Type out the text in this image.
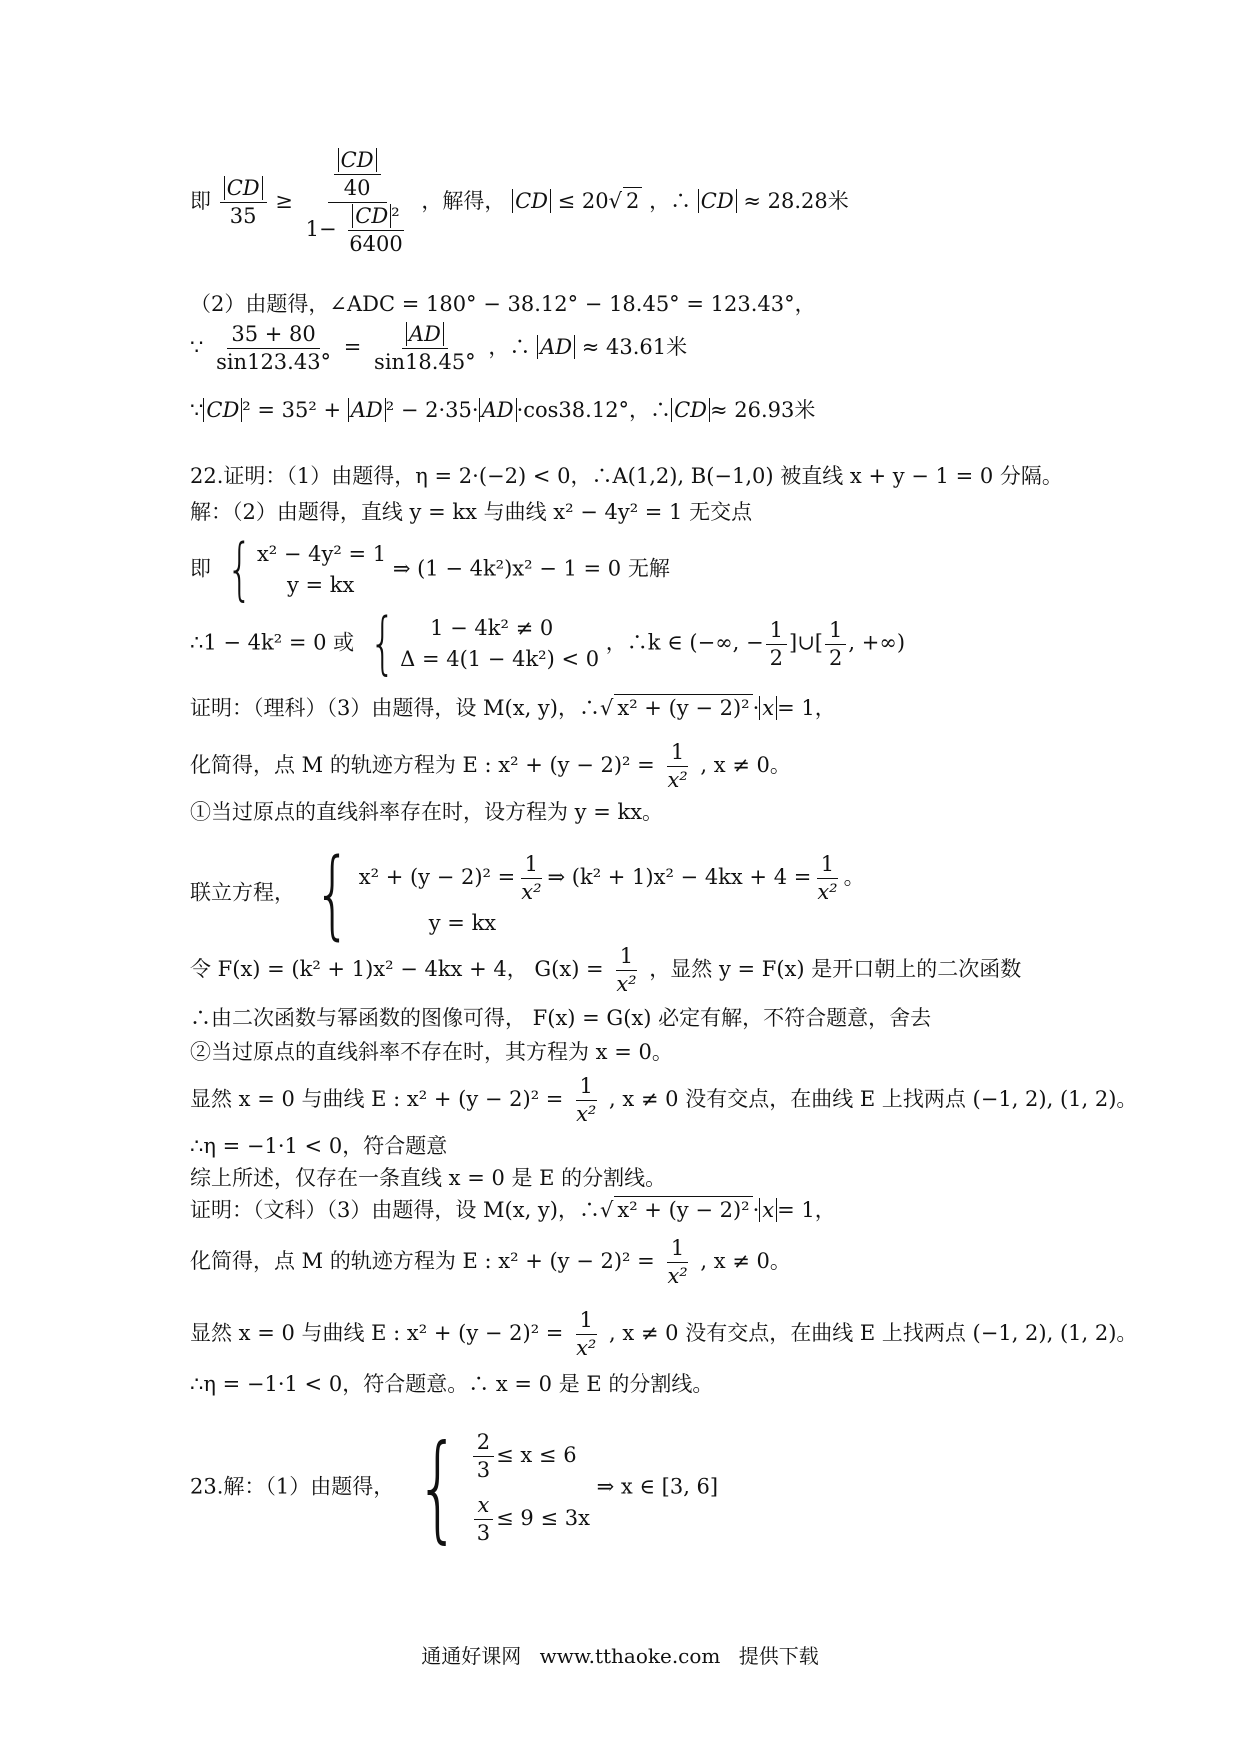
即 $\frac{CD}{35} \ge \frac{\frac{CD}{40}}{1- \frac{\text{CD ²}}{6400}}$ ，解得， CD ≤ 20√ 2 ，∴ CD ≈ 28.28米
（2）由题得，∠ADC = 180° − 38.12° − 18.45° = 123.43°，
∵ $\frac{35 + 80}{\sin 123.43^\circ} = \frac{AD}{\sin 18.45^\circ}$ ，∴ AD ≈ 43.61米
∵ CD ² = 35² + AD ² − 2·35· AD ·cos38.12°，∴ CD ≈ 26.93米
22.证明：（1）由题得，η = 2·(−2) < 0，∴A(1,2), B(−1,0) 被直线 x + y − 1 = 0 分隔。
解：（2）由题得，直线 y = kx 与曲线 x² − 4y² = 1 无交点
即 { x² − 4y² = 1
y = kx
⇒ (1 − 4k²)x² − 1 = 0 无解
∴1 − 4k² = 0 或 {	1 − 4k² ≠ 0
Δ = 4(1 − 4k²) < 0
，∴k ∈ (−∞, − $\frac{1}{2}$ ]∪[ $\frac{1}{2}$ , +∞)
证明：（理科）（3）由题得，设 M(x, y)，∴√ x² + (y − 2)² · x = 1，
化简得，点 M 的轨迹方程为 E : $x^2 + (y - 2)^2 = \frac{1}{\text{x²}}$ , x ≠ 0。
①当过原点的直线斜率存在时，设方程为 y = kx。
联立方程， { $x^2 + (y - 2)^2 = \frac{1}{\text{x²}}$ ⇒ $(k^2 + 1)x^2 - 4kx + 4 = \frac{1}{\text{x²}}$ 。
y = kx
令 F(x) = (k² + 1)x² − 4kx + 4， $G(x) = \frac{1}{\text{x²}}$ ，显然 y = F(x) 是开口朝上的二次函数
∴由二次函数与幂函数的图像可得， F(x) = G(x) 必定有解，不符合题意，舍去
②当过原点的直线斜率不存在时，其方程为 x = 0。
显然 x = 0 与曲线 E : $x^2 + (y - 2)^2 = \frac{1}{\text{x²}}$ , x ≠ 0 没有交点，在曲线 E 上找两点 (−1, 2), (1, 2)。
∴η = −1·1 < 0，符合题意
综上所述，仅存在一条直线 x = 0 是 E 的分割线。
证明：（文科）（3）由题得，设 M(x, y)，∴√ x² + (y − 2)² · x = 1，
化简得，点 M 的轨迹方程为 E : $x^2 + (y - 2)^2 = \frac{1}{\text{x²}}$ , x ≠ 0。
显然 x = 0 与曲线 E : $x^2 + (y - 2)^2 = \frac{1}{\text{x²}}$ , x ≠ 0 没有交点，在曲线 E 上找两点 (−1, 2), (1, 2)。
∴η = −1·1 < 0，符合题意。∴ x = 0 是 E 的分割线。
23.解：（1）由题得， { $\frac{2}{3} \le x \le 6$
$\frac{x}{3} \le 9 \le 3x$
⇒ x ∈ [3, 6]
通通好课网 www.tthaoke.com 提供下载
